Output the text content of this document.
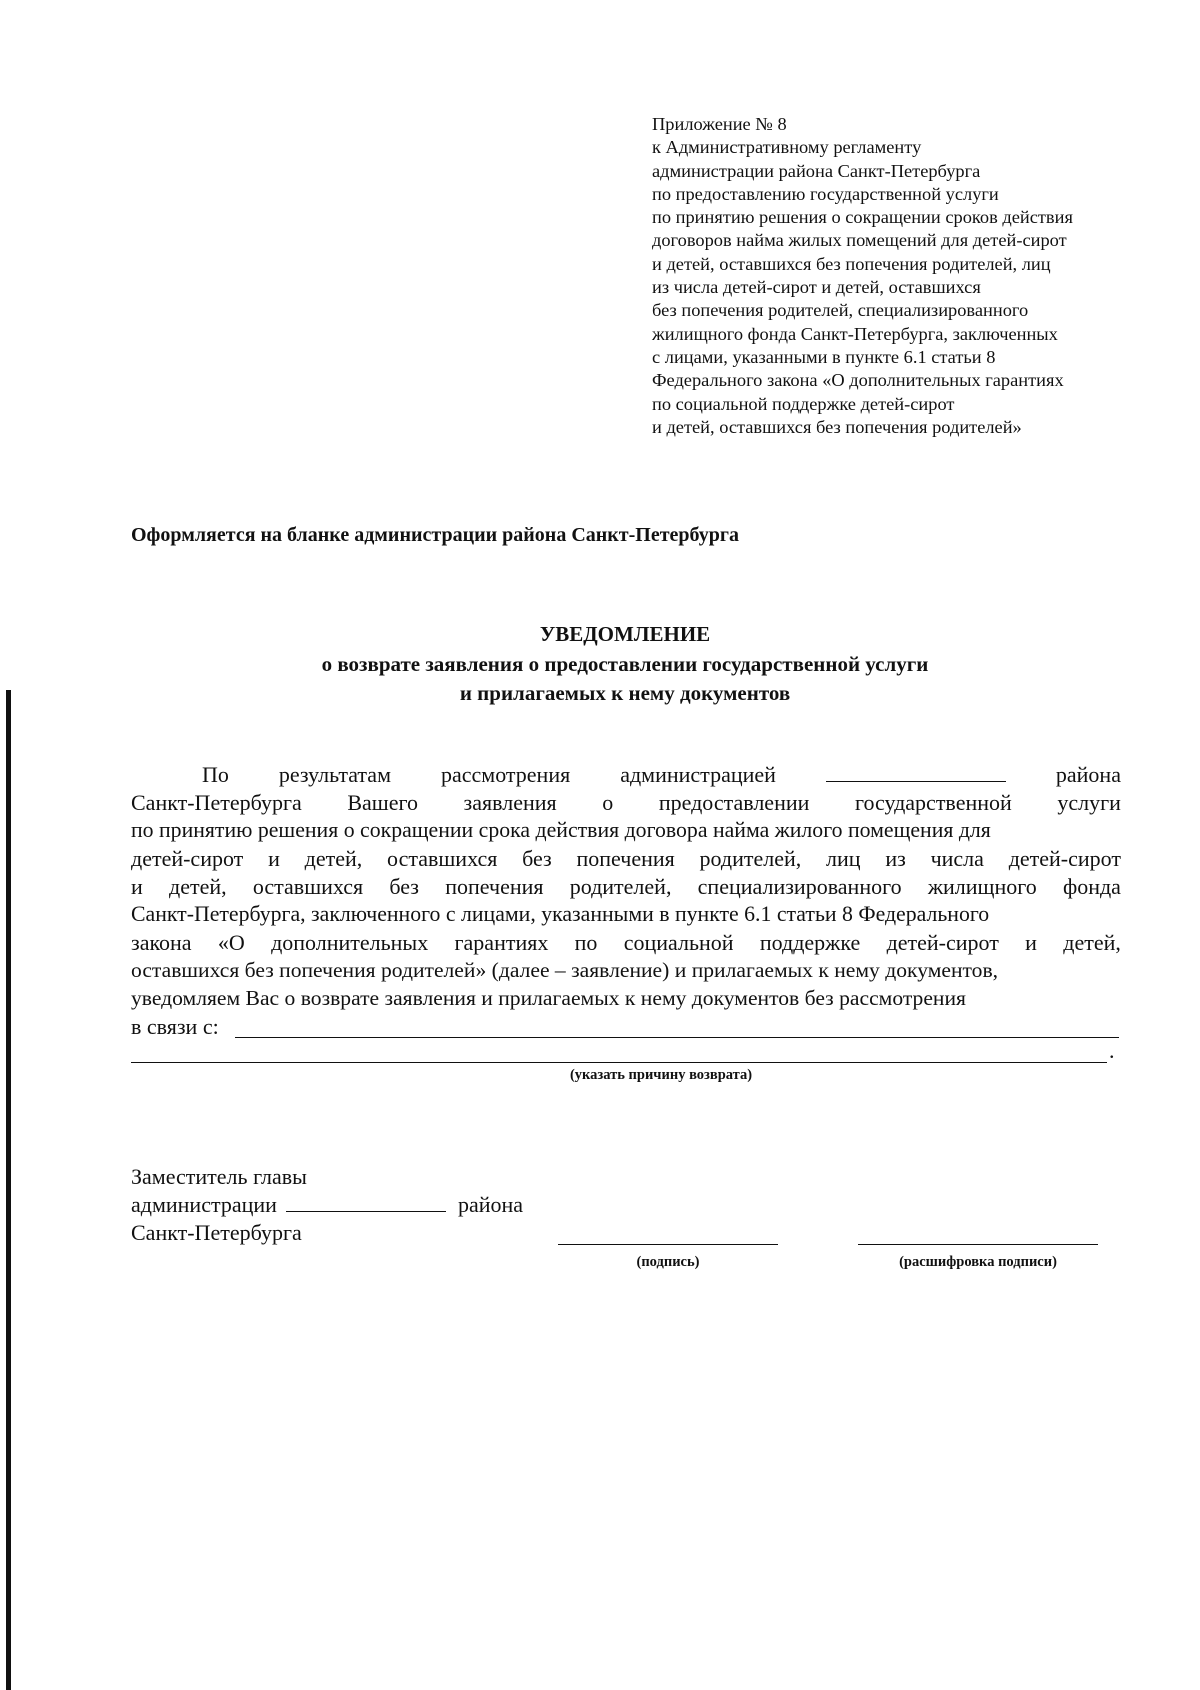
Приложение № 8
к Административному регламенту
администрации района Санкт-Петербурга
по предоставлению государственной услуги
по принятию решения о сокращении сроков действия
договоров найма жилых помещений для детей-сирот
и детей, оставшихся без попечения родителей, лиц
из числа детей-сирот и детей, оставшихся
без попечения родителей, специализированного
жилищного фонда Санкт-Петербурга, заключенных
с лицами, указанными в пункте 6.1 статьи 8
Федерального закона «О дополнительных гарантиях
по социальной поддержке детей-сирот
и детей, оставшихся без попечения родителей»
Оформляется на бланке администрации района Санкт-Петербурга
УВЕДОМЛЕНИЕ
о возврате заявления о предоставлении государственной услуги
и прилагаемых к нему документов
По результатам рассмотрения администрацией	района
Санкт-Петербурга Вашего заявления о предоставлении государственной услуги
по принятию решения о сокращении срока действия договора найма жилого помещения для
детей-сирот и детей, оставшихся без попечения родителей, лиц из числа детей-сирот
и детей, оставшихся без попечения родителей, специализированного жилищного фонда
Санкт-Петербурга, заключенного с лицами, указанными в пункте 6.1 статьи 8 Федерального
закона «О дополнительных гарантиях по социальной поддержке детей-сирот и детей,
оставшихся без попечения родителей» (далее – заявление) и прилагаемых к нему документов,
уведомляем Вас о возврате заявления и прилагаемых к нему документов без рассмотрения
в связи с:
.
(указать причину возврата)
Заместитель главы
администрации	района
Санкт-Петербурга
(подпись)	(расшифровка подписи)
